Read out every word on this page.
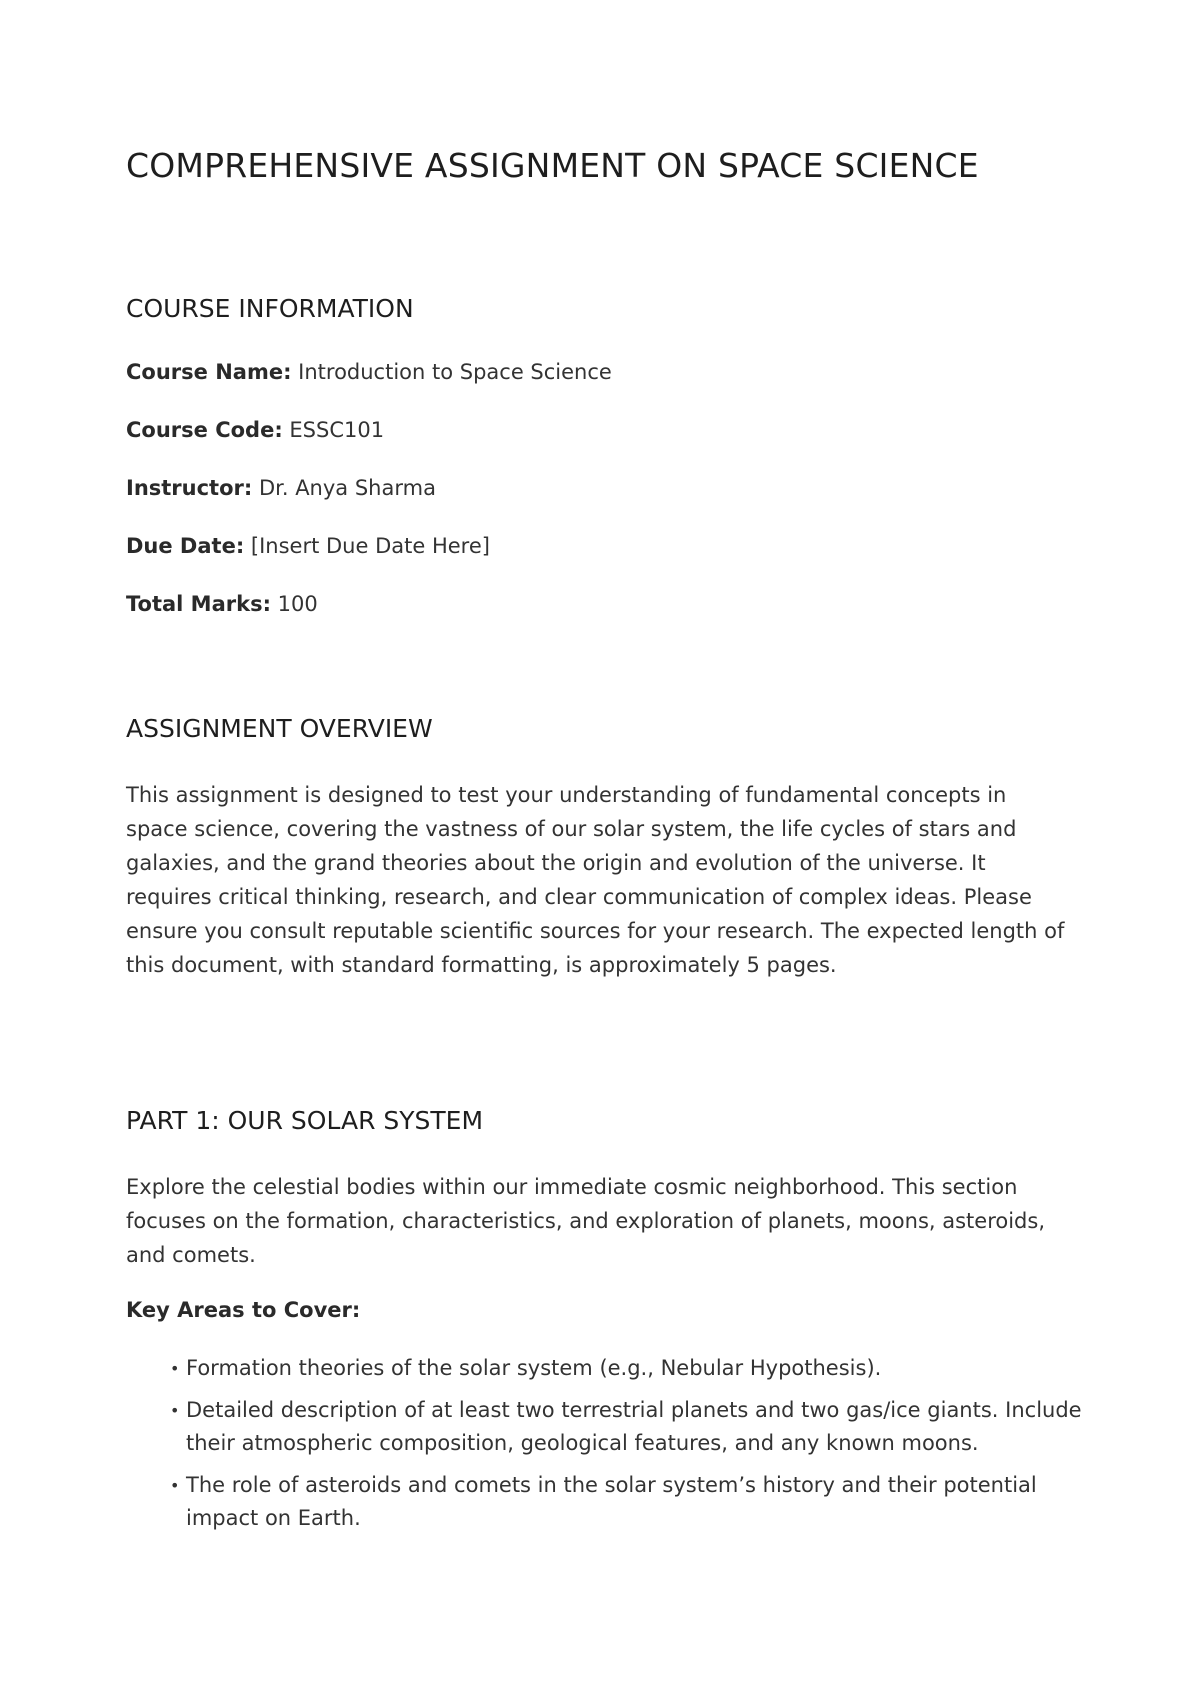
COMPREHENSIVE ASSIGNMENT ON SPACE SCIENCE
COURSE INFORMATION

Course Name: Introduction to Space Science

Course Code: ESSC101

Instructor: Dr. Anya Sharma

Due Date: [Insert Due Date Here]

Total Marks: 100

ASSIGNMENT OVERVIEW

This assignment is designed to test your understanding of fundamental concepts in space science, covering the vastness of our solar system, the life cycles of stars and galaxies, and the grand theories about the origin and evolution of the universe. It requires critical thinking, research, and clear communication of complex ideas. Please ensure you consult reputable scientific sources for your research. The expected length of this document, with standard formatting, is approximately 5 pages.

PART 1: OUR SOLAR SYSTEM

Explore the celestial bodies within our immediate cosmic neighborhood. This section focuses on the formation, characteristics, and exploration of planets, moons, asteroids, and comets.

Key Areas to Cover:

• Formation theories of the solar system (e.g., Nebular Hypothesis).
• Detailed description of at least two terrestrial planets and two gas/ice giants. Include their atmospheric composition, geological features, and any known moons.
• The role of asteroids and comets in the solar system’s history and their potential impact on Earth.
